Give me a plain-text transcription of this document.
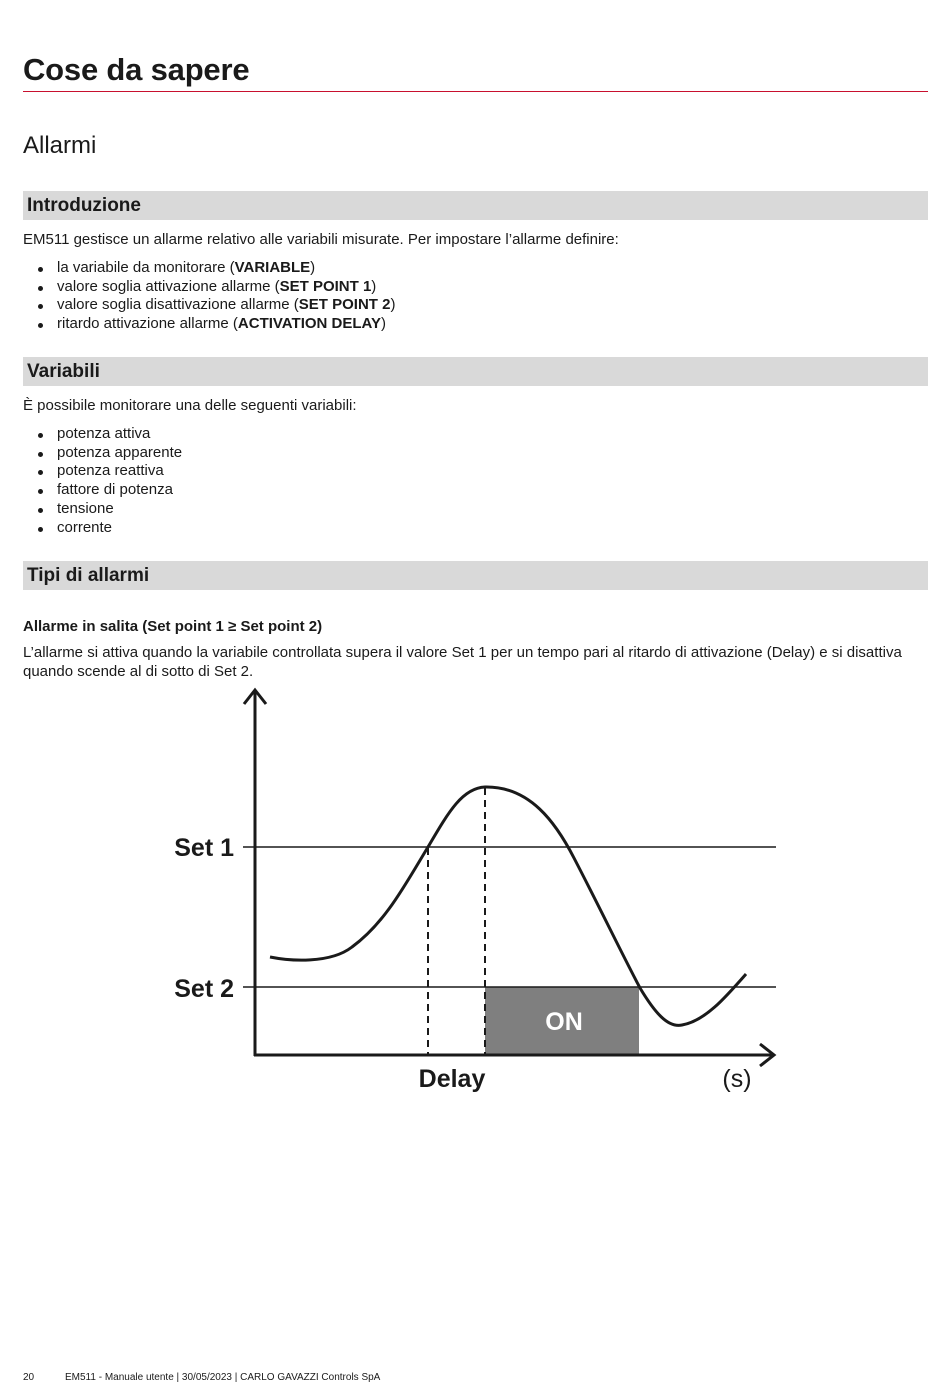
Cose da sapere
Allarmi
Introduzione

EM511 gestisce un allarme relativo alle variabili misurate. Per impostare l’allarme definire:

la variabile da monitorare (VARIABLE)
valore soglia attivazione allarme (SET POINT 1)
valore soglia disattivazione allarme (SET POINT 2)
ritardo attivazione allarme (ACTIVATION DELAY)
Variabili

È possibile monitorare una delle seguenti variabili:

potenza attiva
potenza apparente
potenza reattiva
fattore di potenza
tensione
corrente
Tipi di allarmi

Allarme in salita (Set point 1 ≥ Set point 2)

L’allarme si attiva quando la variabile controllata supera il valore Set 1 per un tempo pari al ritardo di attivazione (Delay) e si disattiva quando scende al di sotto di Set 2.

ON
Set 1
Set 2
Delay	(s)
20	EM511 - Manuale utente | 30/05/2023 | CARLO GAVAZZI Controls SpA
